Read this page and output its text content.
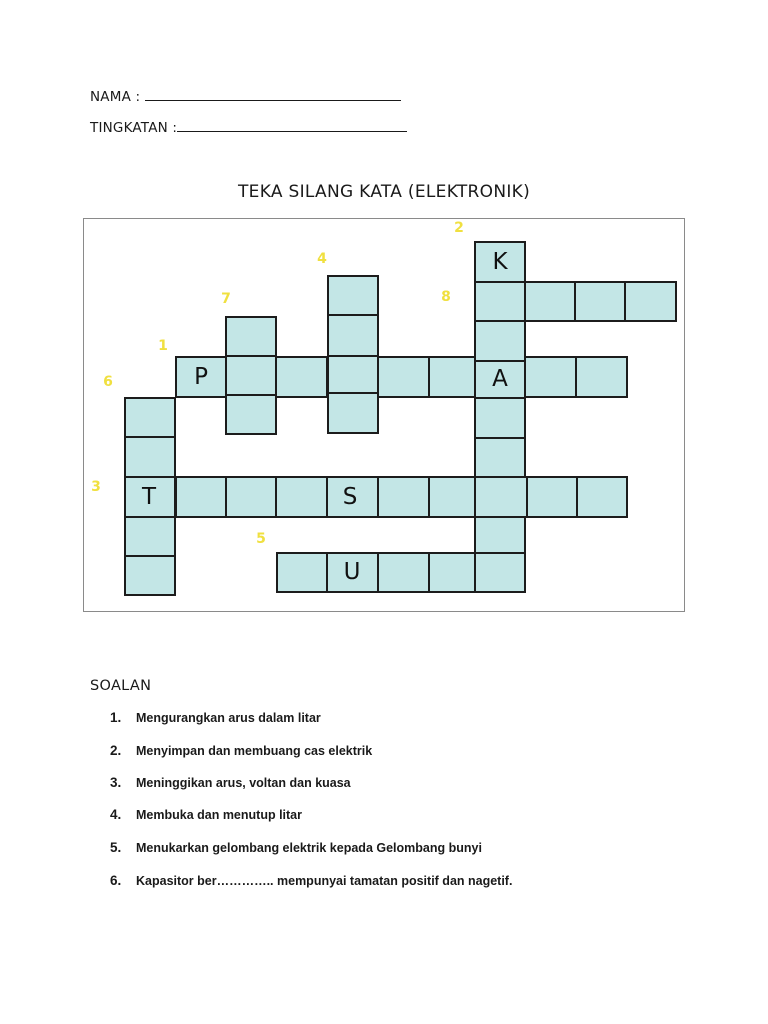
NAMA :
TINGKATAN :
TEKA SILANG KATA (ELEKTRONIK)
K
P	A
T	S
U
1
2
3
4
5
6
7	8
SOALAN
1. Mengurangkan arus dalam litar
2. Menyimpan dan membuang cas elektrik
3. Meninggikan arus, voltan dan kuasa
4. Membuka dan menutup litar
5. Menukarkan gelombang elektrik kepada Gelombang bunyi
6. Kapasitor ber………….. mempunyai tamatan positif dan nagetif.
